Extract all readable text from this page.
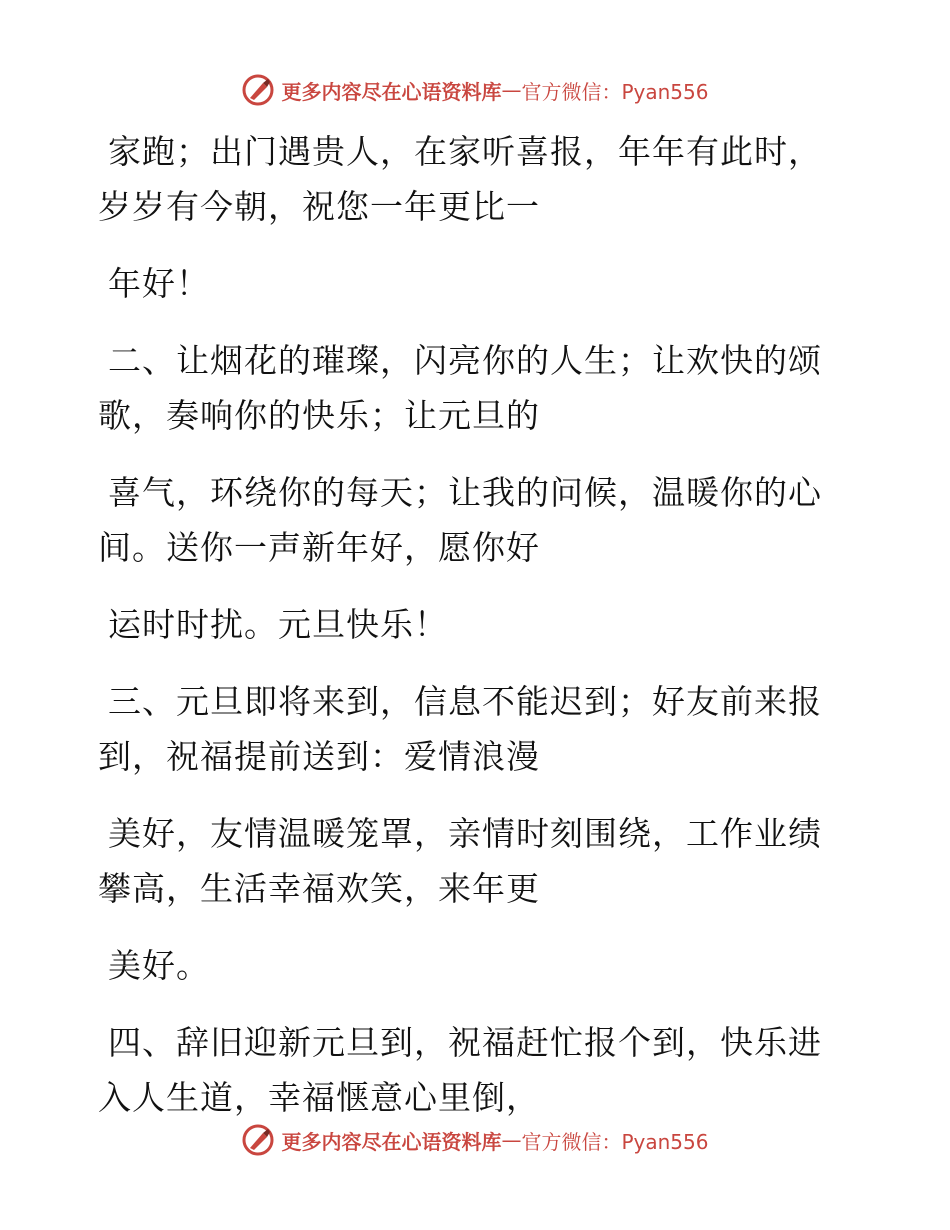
更多内容尽在心语资料库 — 官方微信：Pyan556

家跑；出门遇贵人，在家听喜报，年年有此时，
岁岁有今朝，祝您一年更比一

年好！

二、让烟花的璀璨，闪亮你的人生；让欢快的颂
歌，奏响你的快乐；让元旦的

喜气，环绕你的每天；让我的问候，温暖你的心
间。送你一声新年好，愿你好

运时时扰。元旦快乐！

三、元旦即将来到，信息不能迟到；好友前来报
到，祝福提前送到：爱情浪漫

美好，友情温暖笼罩，亲情时刻围绕，工作业绩
攀高，生活幸福欢笑，来年更

美好。

四、辞旧迎新元旦到，祝福赶忙报个到，快乐进
入人生道，幸福惬意心里倒，

更多内容尽在心语资料库 — 官方微信：Pyan556
